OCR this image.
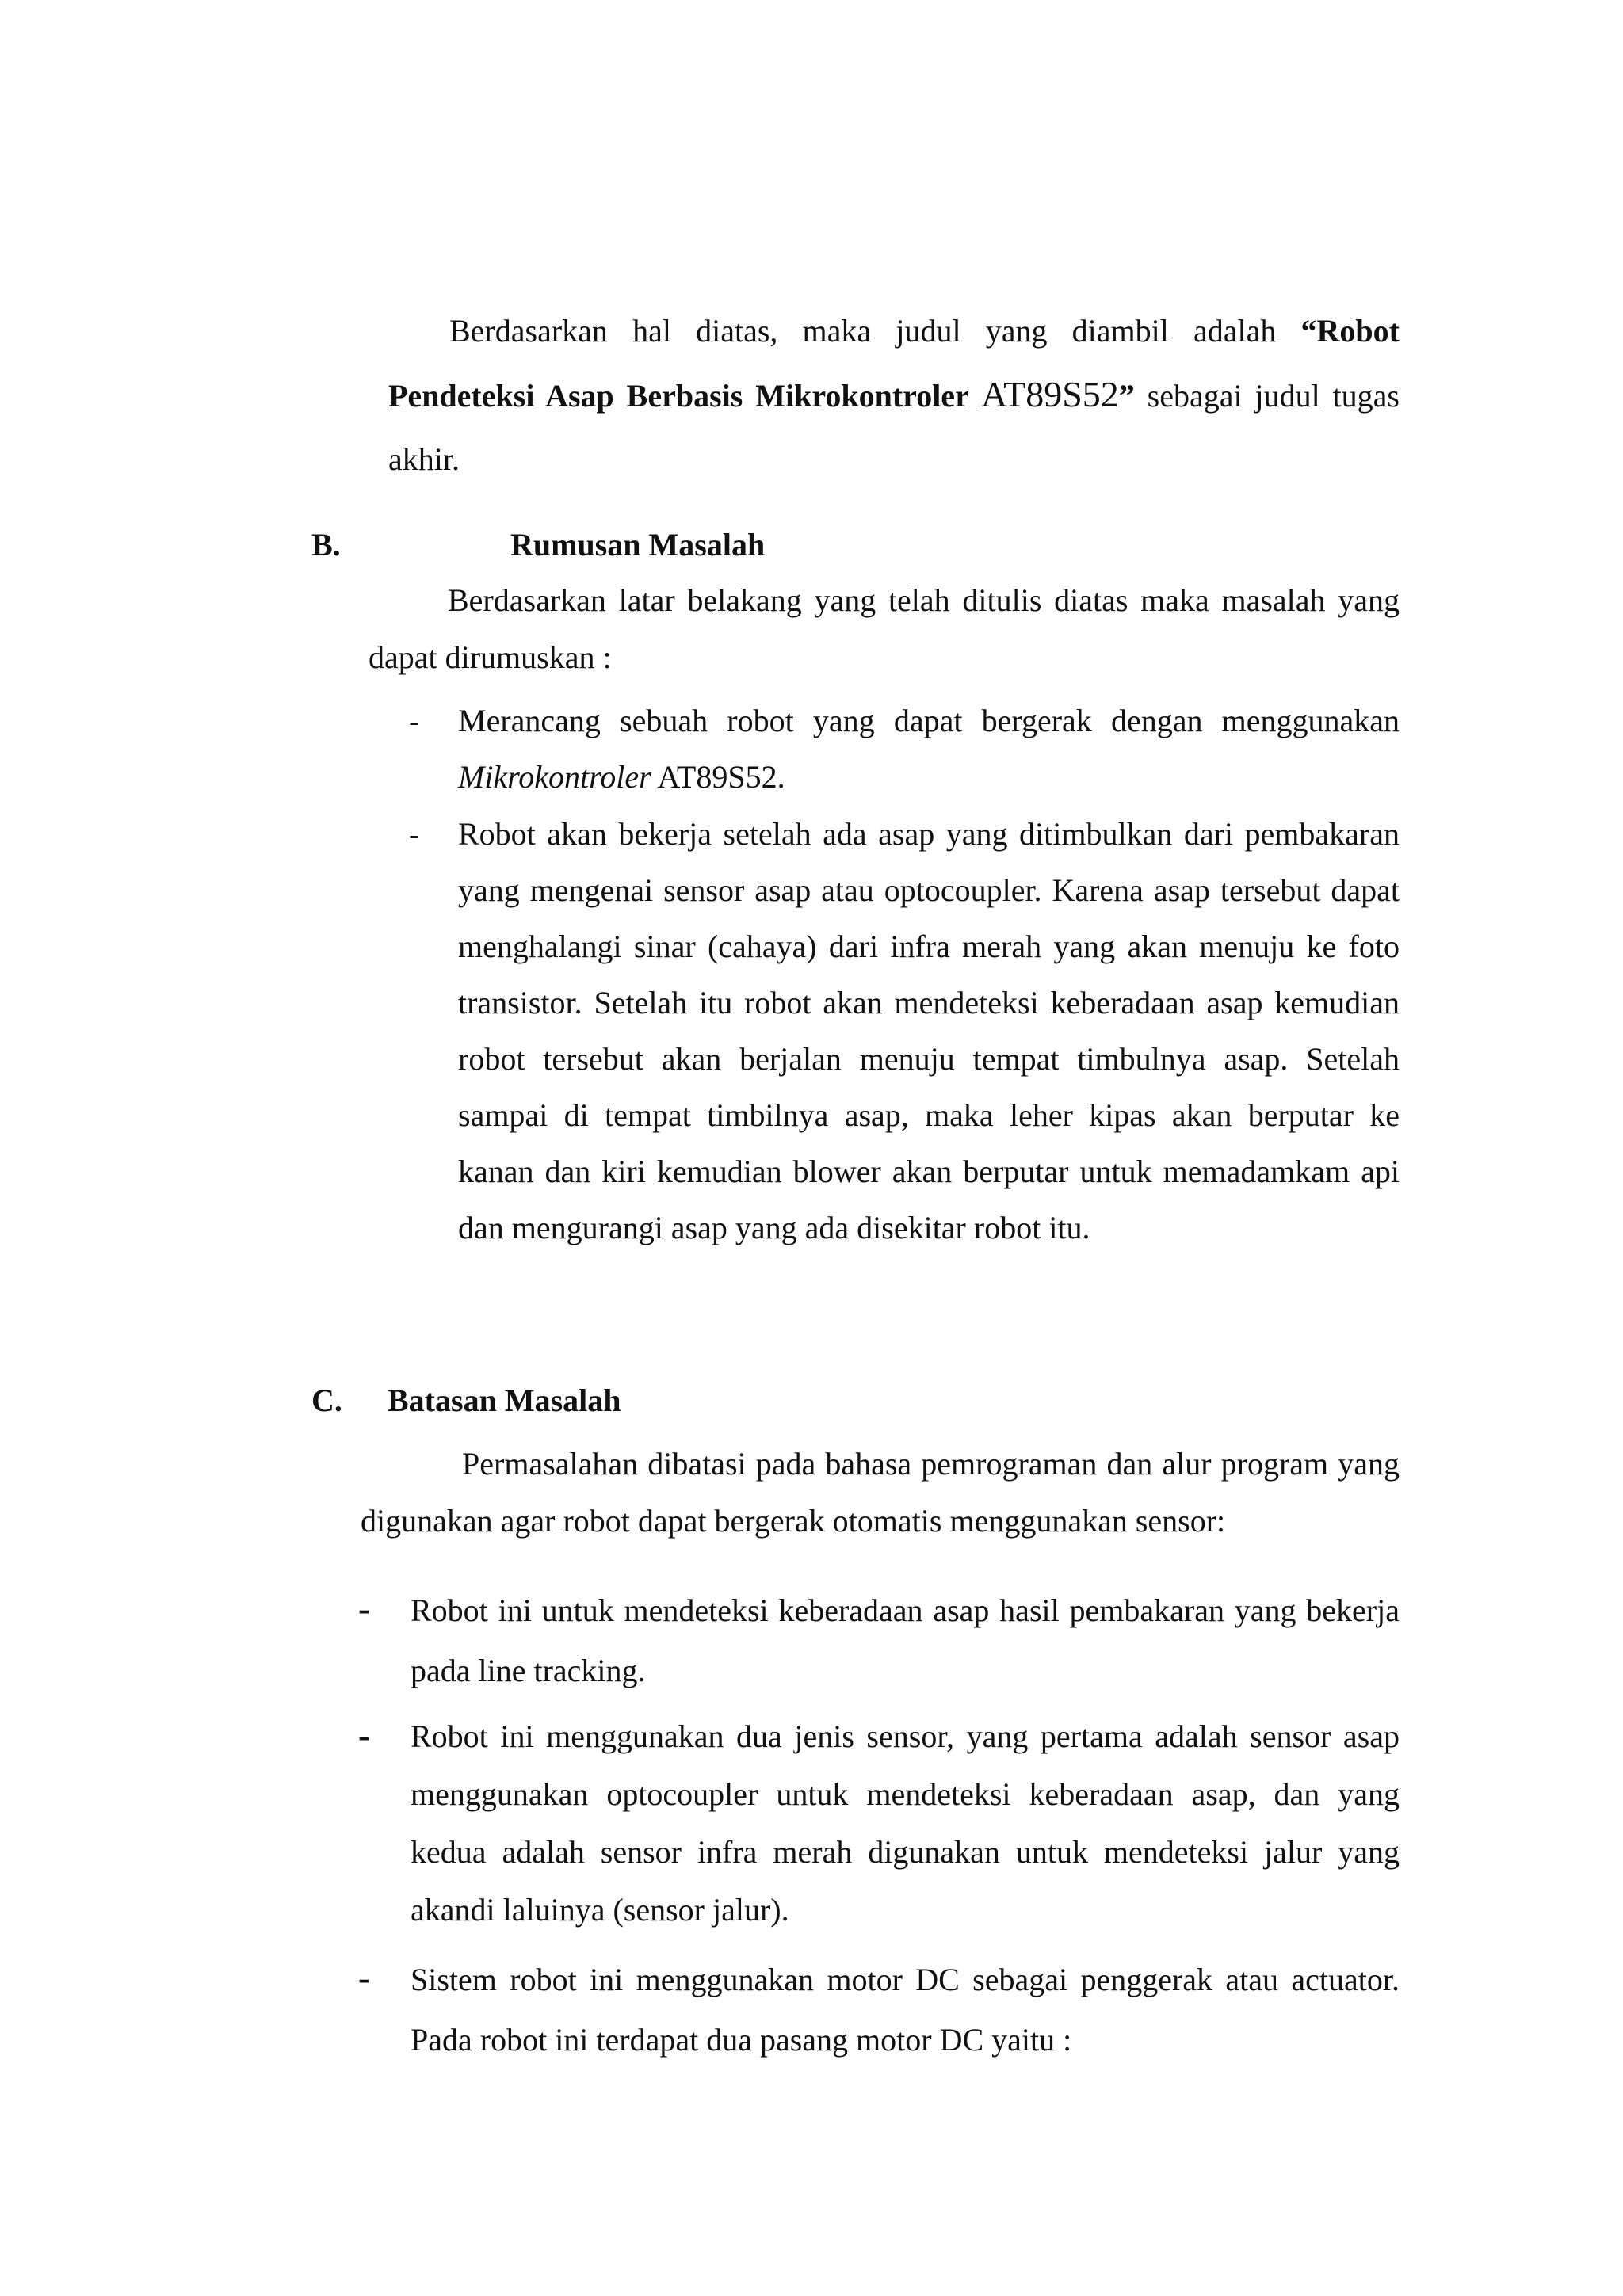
Berdasarkan hal diatas, maka judul yang diambil adalah “Robot Pendeteksi Asap Berbasis Mikrokontroler AT89S52” sebagai judul tugas akhir.

B.	Rumusan Masalah

Berdasarkan latar belakang yang telah ditulis diatas maka masalah yang dapat dirumuskan :

- Merancang sebuah robot yang dapat bergerak dengan menggunakan Mikrokontroler AT89S52.

- Robot akan bekerja setelah ada asap yang ditimbulkan dari pembakaran yang mengenai sensor asap atau optocoupler. Karena asap tersebut dapat menghalangi sinar (cahaya) dari infra merah yang akan menuju ke foto transistor. Setelah itu robot akan mendeteksi keberadaan asap kemudian robot tersebut akan berjalan menuju tempat timbulnya asap. Setelah sampai di tempat timbilnya asap, maka leher kipas akan berputar ke kanan dan kiri kemudian blower akan berputar untuk memadamkam api dan mengurangi asap yang ada disekitar robot itu.

C. Batasan Masalah

Permasalahan dibatasi pada bahasa pemrograman dan alur program yang digunakan agar robot dapat bergerak otomatis menggunakan sensor:

- Robot ini untuk mendeteksi keberadaan asap hasil pembakaran yang bekerja pada line tracking.

- Robot ini menggunakan dua jenis sensor, yang pertama adalah sensor asap menggunakan optocoupler untuk mendeteksi keberadaan asap, dan yang kedua adalah sensor infra merah digunakan untuk mendeteksi jalur yang akandi laluinya (sensor jalur).

- Sistem robot ini menggunakan motor DC sebagai penggerak atau actuator. Pada robot ini terdapat dua pasang motor DC yaitu :
